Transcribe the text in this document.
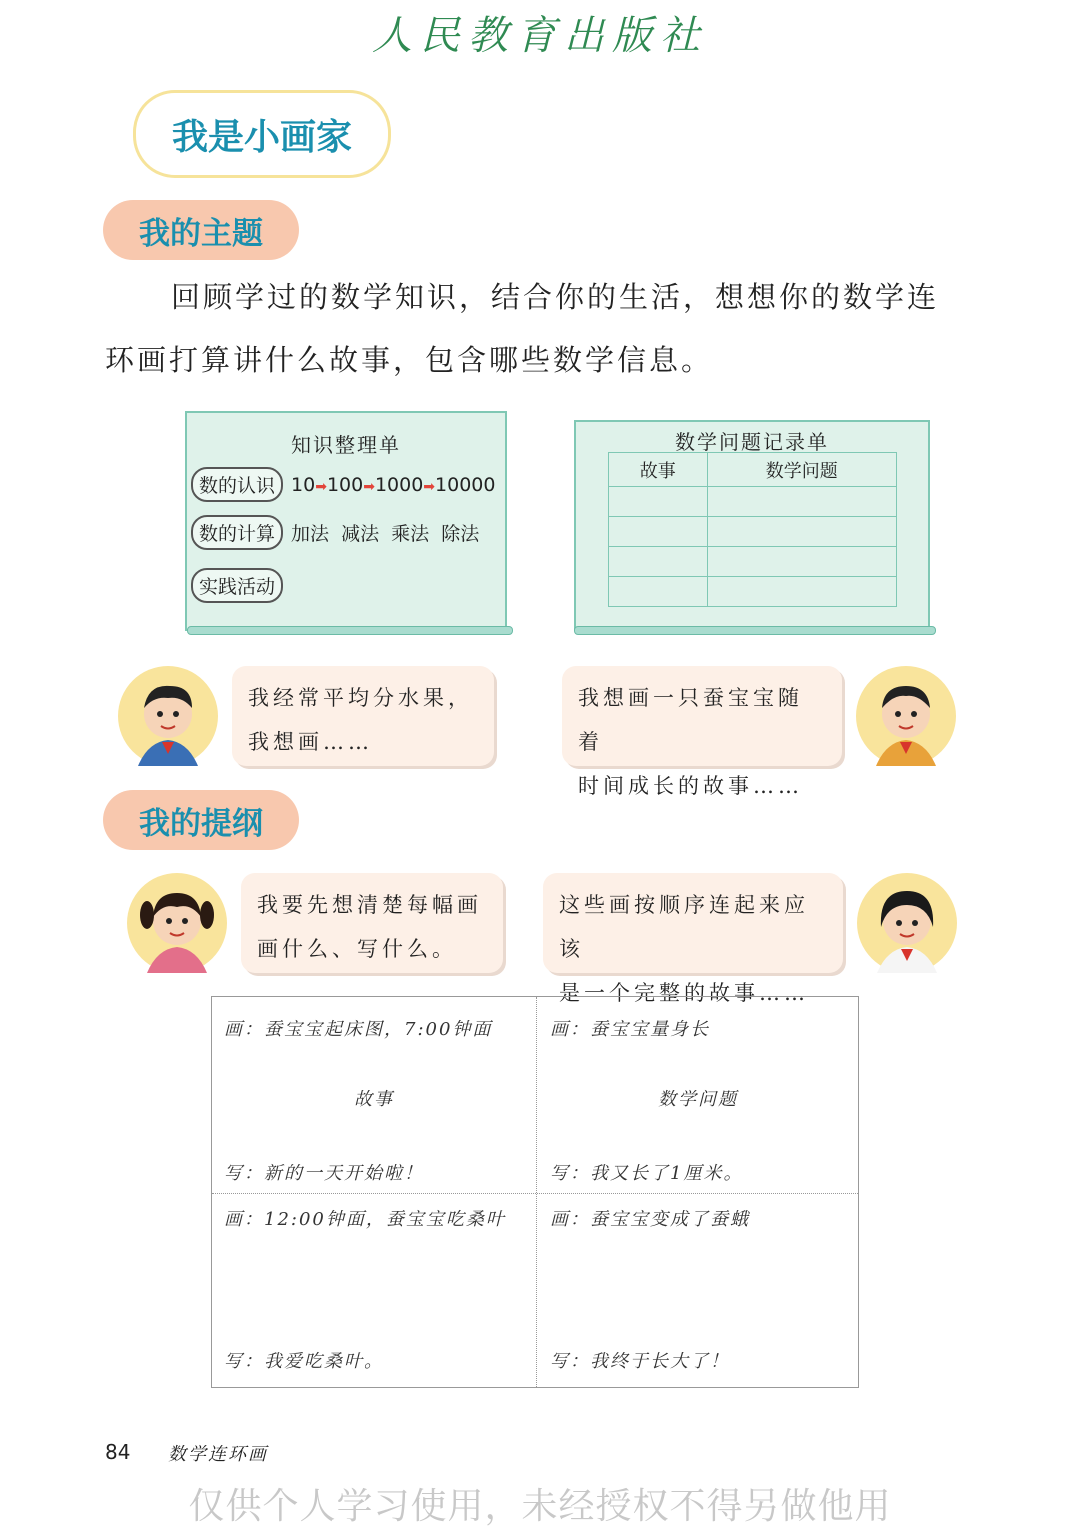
人民教育出版社
我是小画家
我的主题

回顾学过的数学知识，结合你的生活，想想你的数学连

环画打算讲什么故事，包含哪些数学信息。

知识整理单
数的认识 10➡100➡1000➡10000
数的计算 加法  减法  乘法  除法
实践活动
数学问题记录单
故事	数学问题

我经常平均分水果，
我想画……
我想画一只蚕宝宝随着
时间成长的故事……
我的提纲
我要先想清楚每幅画
画什么、写什么。
这些画按顺序连起来应该
是一个完整的故事……
画：蚕宝宝起床图，7:00钟面
故事
写：新的一天开始啦！
画：蚕宝宝量身长
数学问题
写：我又长了1厘米。
画：12:00钟面，蚕宝宝吃桑叶
写：我爱吃桑叶。
画：蚕宝宝变成了蚕蛾
写：我终于长大了！
84 数学连环画
仅供个人学习使用，未经授权不得另做他用
